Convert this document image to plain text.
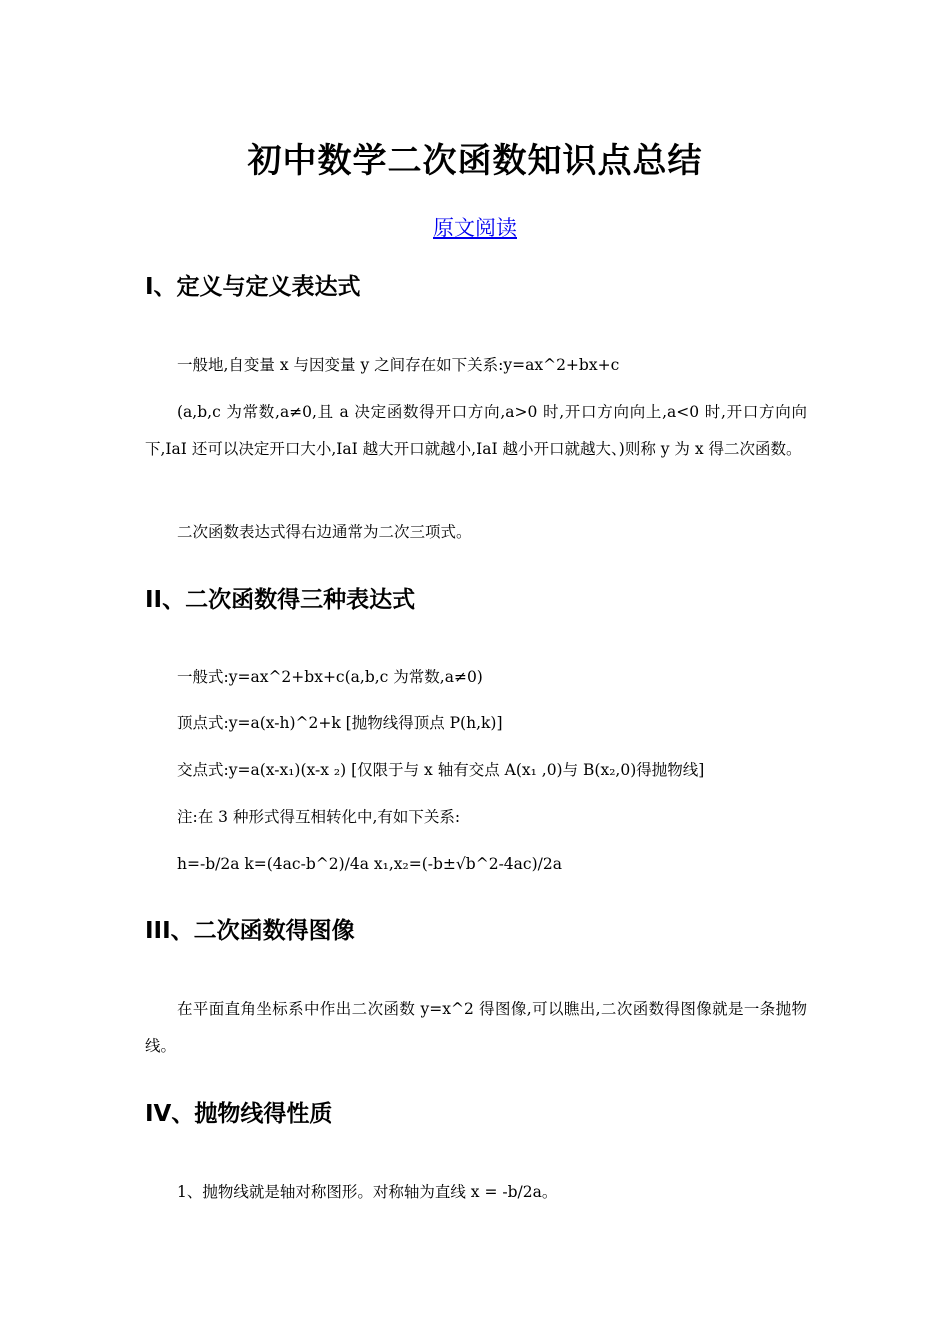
初中数学二次函数知识点总结
原文阅读
I、定义与定义表达式
一般地,自变量 x 与因变量 y 之间存在如下关系:y=ax^2+bx+c
(a,b,c 为常数,a≠0,且 a 决定函数得开口方向,a>0 时,开口方向向上,a<0 时,开口方向向下,IaI 还可以决定开口大小,IaI 越大开口就越小,IaI 越小开口就越大、)则称 y 为 x 得二次函数。
二次函数表达式得右边通常为二次三项式。
II、二次函数得三种表达式
一般式:y=ax^2+bx+c(a,b,c 为常数,a≠0)
顶点式:y=a(x-h)^2+k [抛物线得顶点 P(h,k)]
交点式:y=a(x-x₁)(x-x ₂) [仅限于与 x 轴有交点 A(x₁ ,0)与 B(x₂,0)得抛物线]
注:在 3 种形式得互相转化中,有如下关系:
h=-b/2a k=(4ac-b^2)/4a x₁,x₂=(-b±√b^2-4ac)/2a
III、二次函数得图像
在平面直角坐标系中作出二次函数 y=x^2 得图像,可以瞧出,二次函数得图像就是一条抛物线。
IV、抛物线得性质
1、抛物线就是轴对称图形。对称轴为直线 x = -b/2a。
